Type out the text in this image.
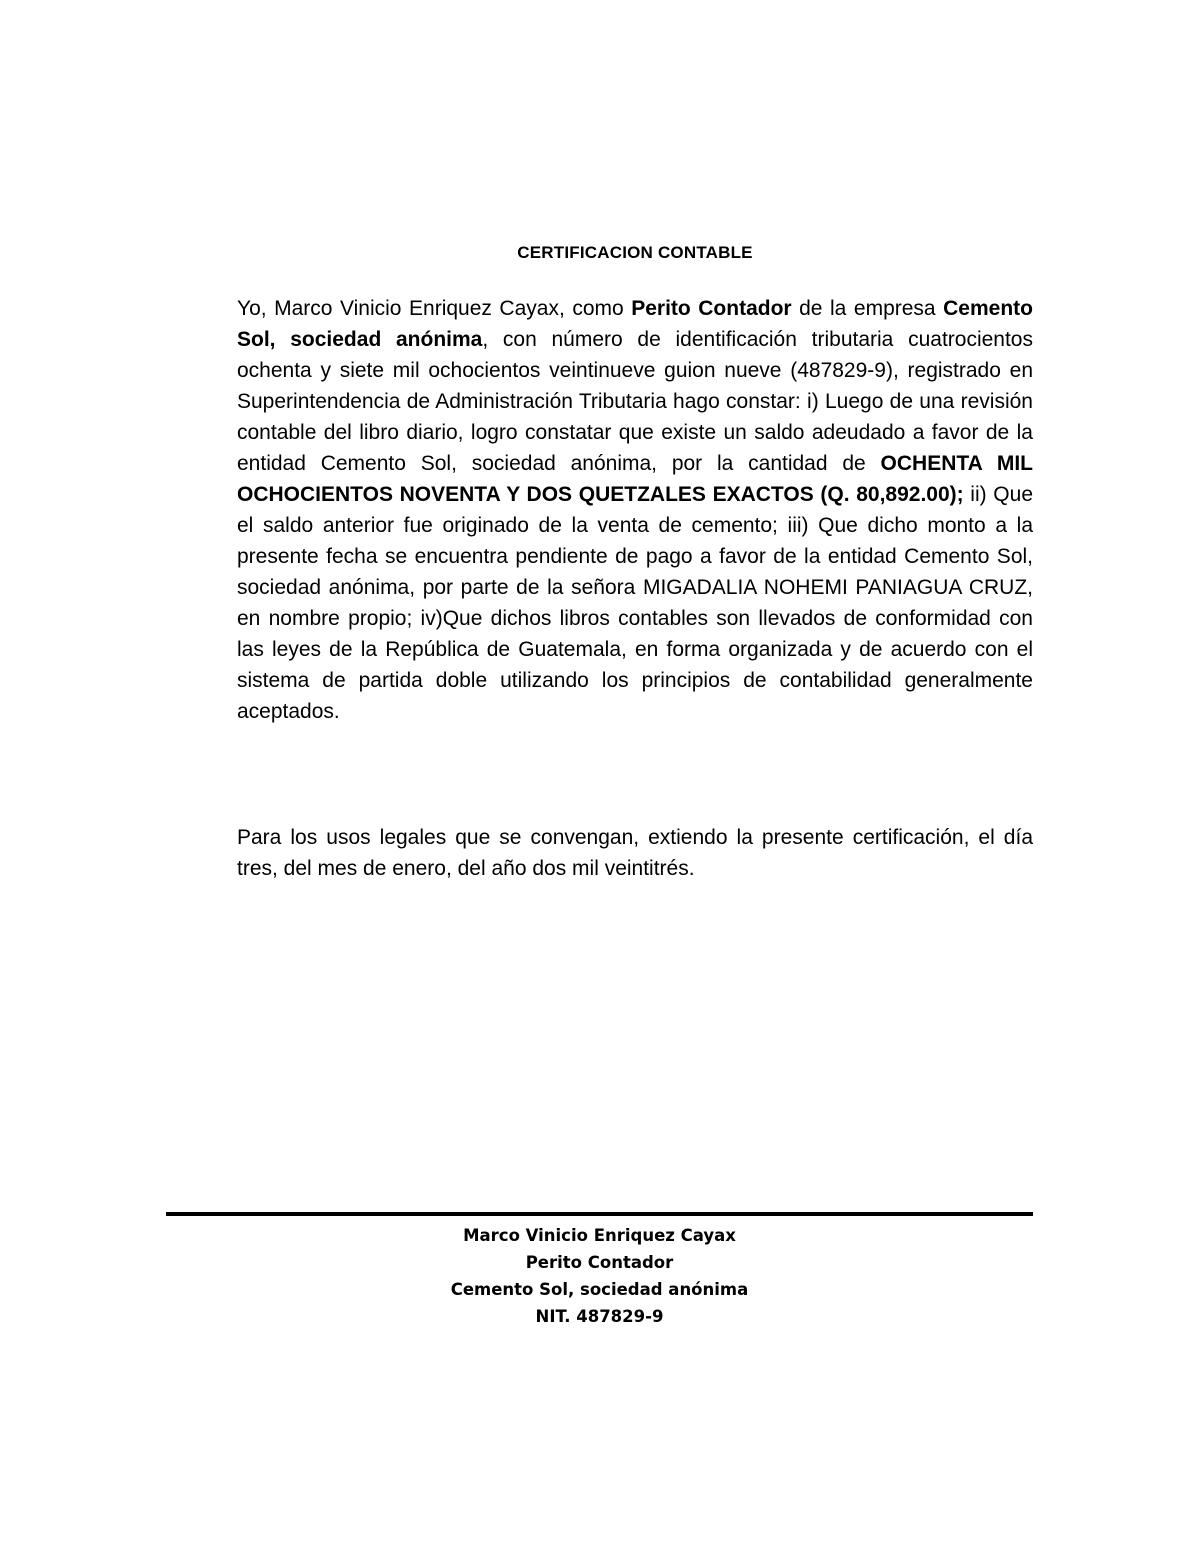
CERTIFICACION CONTABLE

Yo, Marco Vinicio Enriquez Cayax, como Perito Contador de la empresa Cemento Sol, sociedad anónima, con número de identificación tributaria cuatrocientos ochenta y siete mil ochocientos veintinueve guion nueve (487829-9), registrado en Superintendencia de Administración Tributaria hago constar: i) Luego de una revisión contable del libro diario, logro constatar que existe un saldo adeudado a favor de la entidad Cemento Sol, sociedad anónima, por la cantidad de OCHENTA MIL OCHOCIENTOS NOVENTA Y DOS QUETZALES EXACTOS (Q. 80,892.00); ii) Que el saldo anterior fue originado de la venta de cemento; iii) Que dicho monto a la presente fecha se encuentra pendiente de pago a favor de la entidad Cemento Sol, sociedad anónima, por parte de la señora MIGADALIA NOHEMI PANIAGUA CRUZ, en nombre propio; iv)Que dichos libros contables son llevados de conformidad con las leyes de la República de Guatemala, en forma organizada y de acuerdo con el sistema de partida doble utilizando los principios de contabilidad generalmente aceptados.

Para los usos legales que se convengan, extiendo la presente certificación, el día tres, del mes de enero, del año dos mil veintitrés.

Marco Vinicio Enriquez Cayax
Perito Contador
Cemento Sol, sociedad anónima
NIT. 487829-9
